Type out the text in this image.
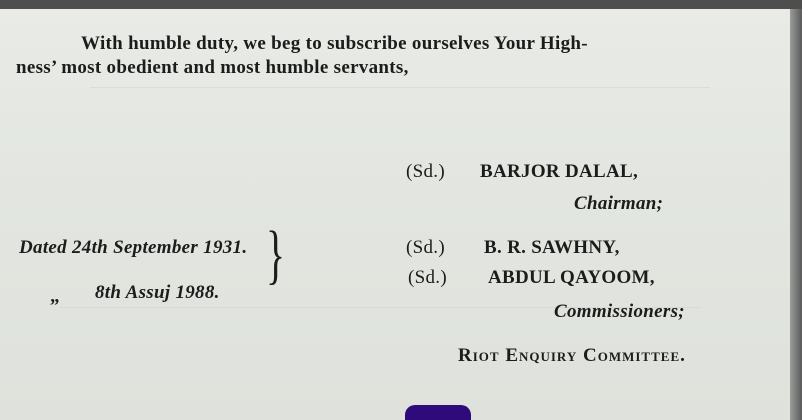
With humble duty, we beg to subscribe ourselves Your High-
ness’ most obedient and most humble servants,
(Sd.) BARJOR DALAL,
Chairman;
Dated 24th September 1931.
„ 8th Assuj 1988.
}	(Sd.) B. R. SAWHNY,
(Sd.) ABDUL QAYOOM,
Commissioners;
Riot Enquiry Committee.
